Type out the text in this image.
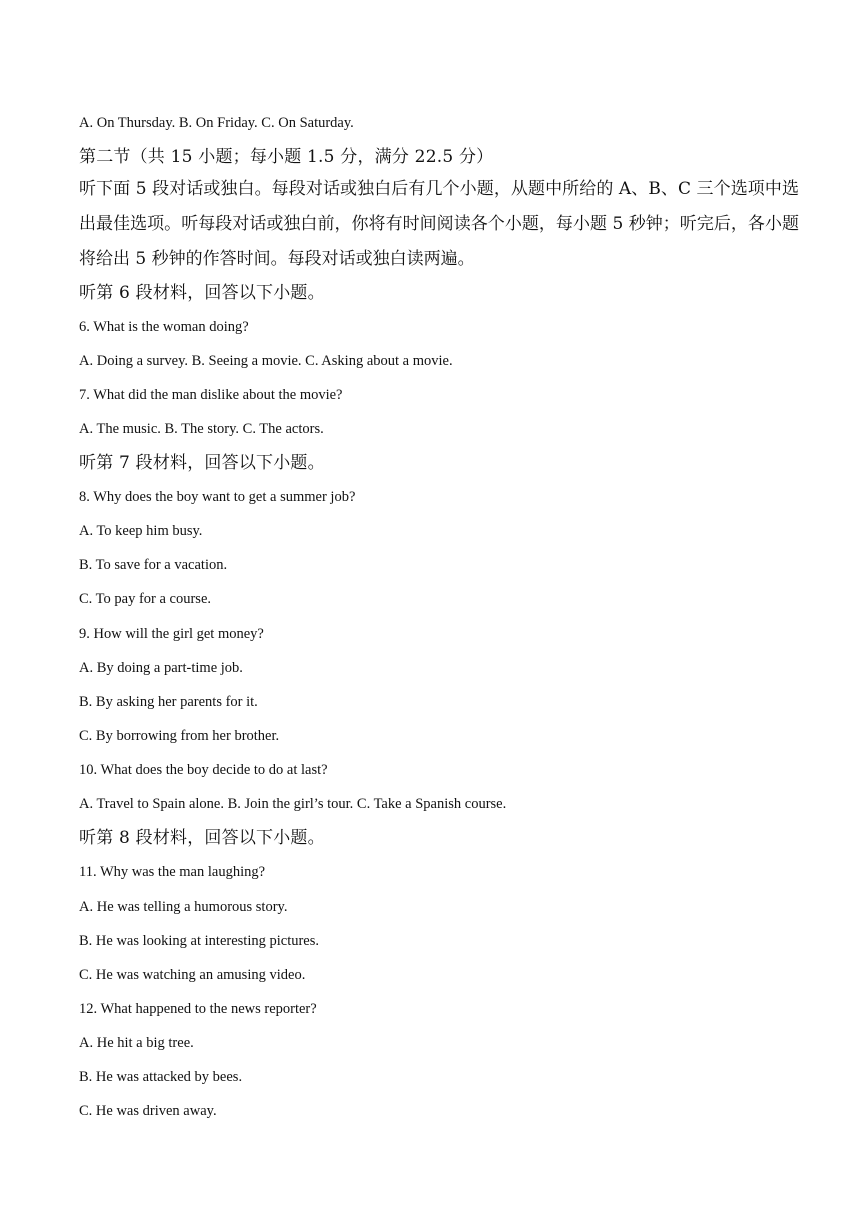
A. On Thursday. B. On Friday. C. On Saturday.
第二节（共 15 小题；每小题 1.5 分，满分 22.5 分）
听下面 5 段对话或独白。每段对话或独白后有几个小题，从题中所给的 A、B、C 三个选项中选出最佳选项。听每段对话或独白前，你将有时间阅读各个小题，每小题 5 秒钟；听完后，各小题将给出 5 秒钟的作答时间。每段对话或独白读两遍。
听第 6 段材料，回答以下小题。
6. What is the woman doing?
A. Doing a survey. B. Seeing a movie. C. Asking about a movie.
7. What did the man dislike about the movie?
A. The music. B. The story. C. The actors.
听第 7 段材料，回答以下小题。
8. Why does the boy want to get a summer job?
A. To keep him busy.
B. To save for a vacation.
C. To pay for a course.
9. How will the girl get money?
A. By doing a part-time job.
B. By asking her parents for it.
C. By borrowing from her brother.
10. What does the boy decide to do at last?
A. Travel to Spain alone. B. Join the girl’s tour. C. Take a Spanish course.
听第 8 段材料，回答以下小题。
11. Why was the man laughing?
A. He was telling a humorous story.
B. He was looking at interesting pictures.
C. He was watching an amusing video.
12. What happened to the news reporter?
A. He hit a big tree.
B. He was attacked by bees.
C. He was driven away.
